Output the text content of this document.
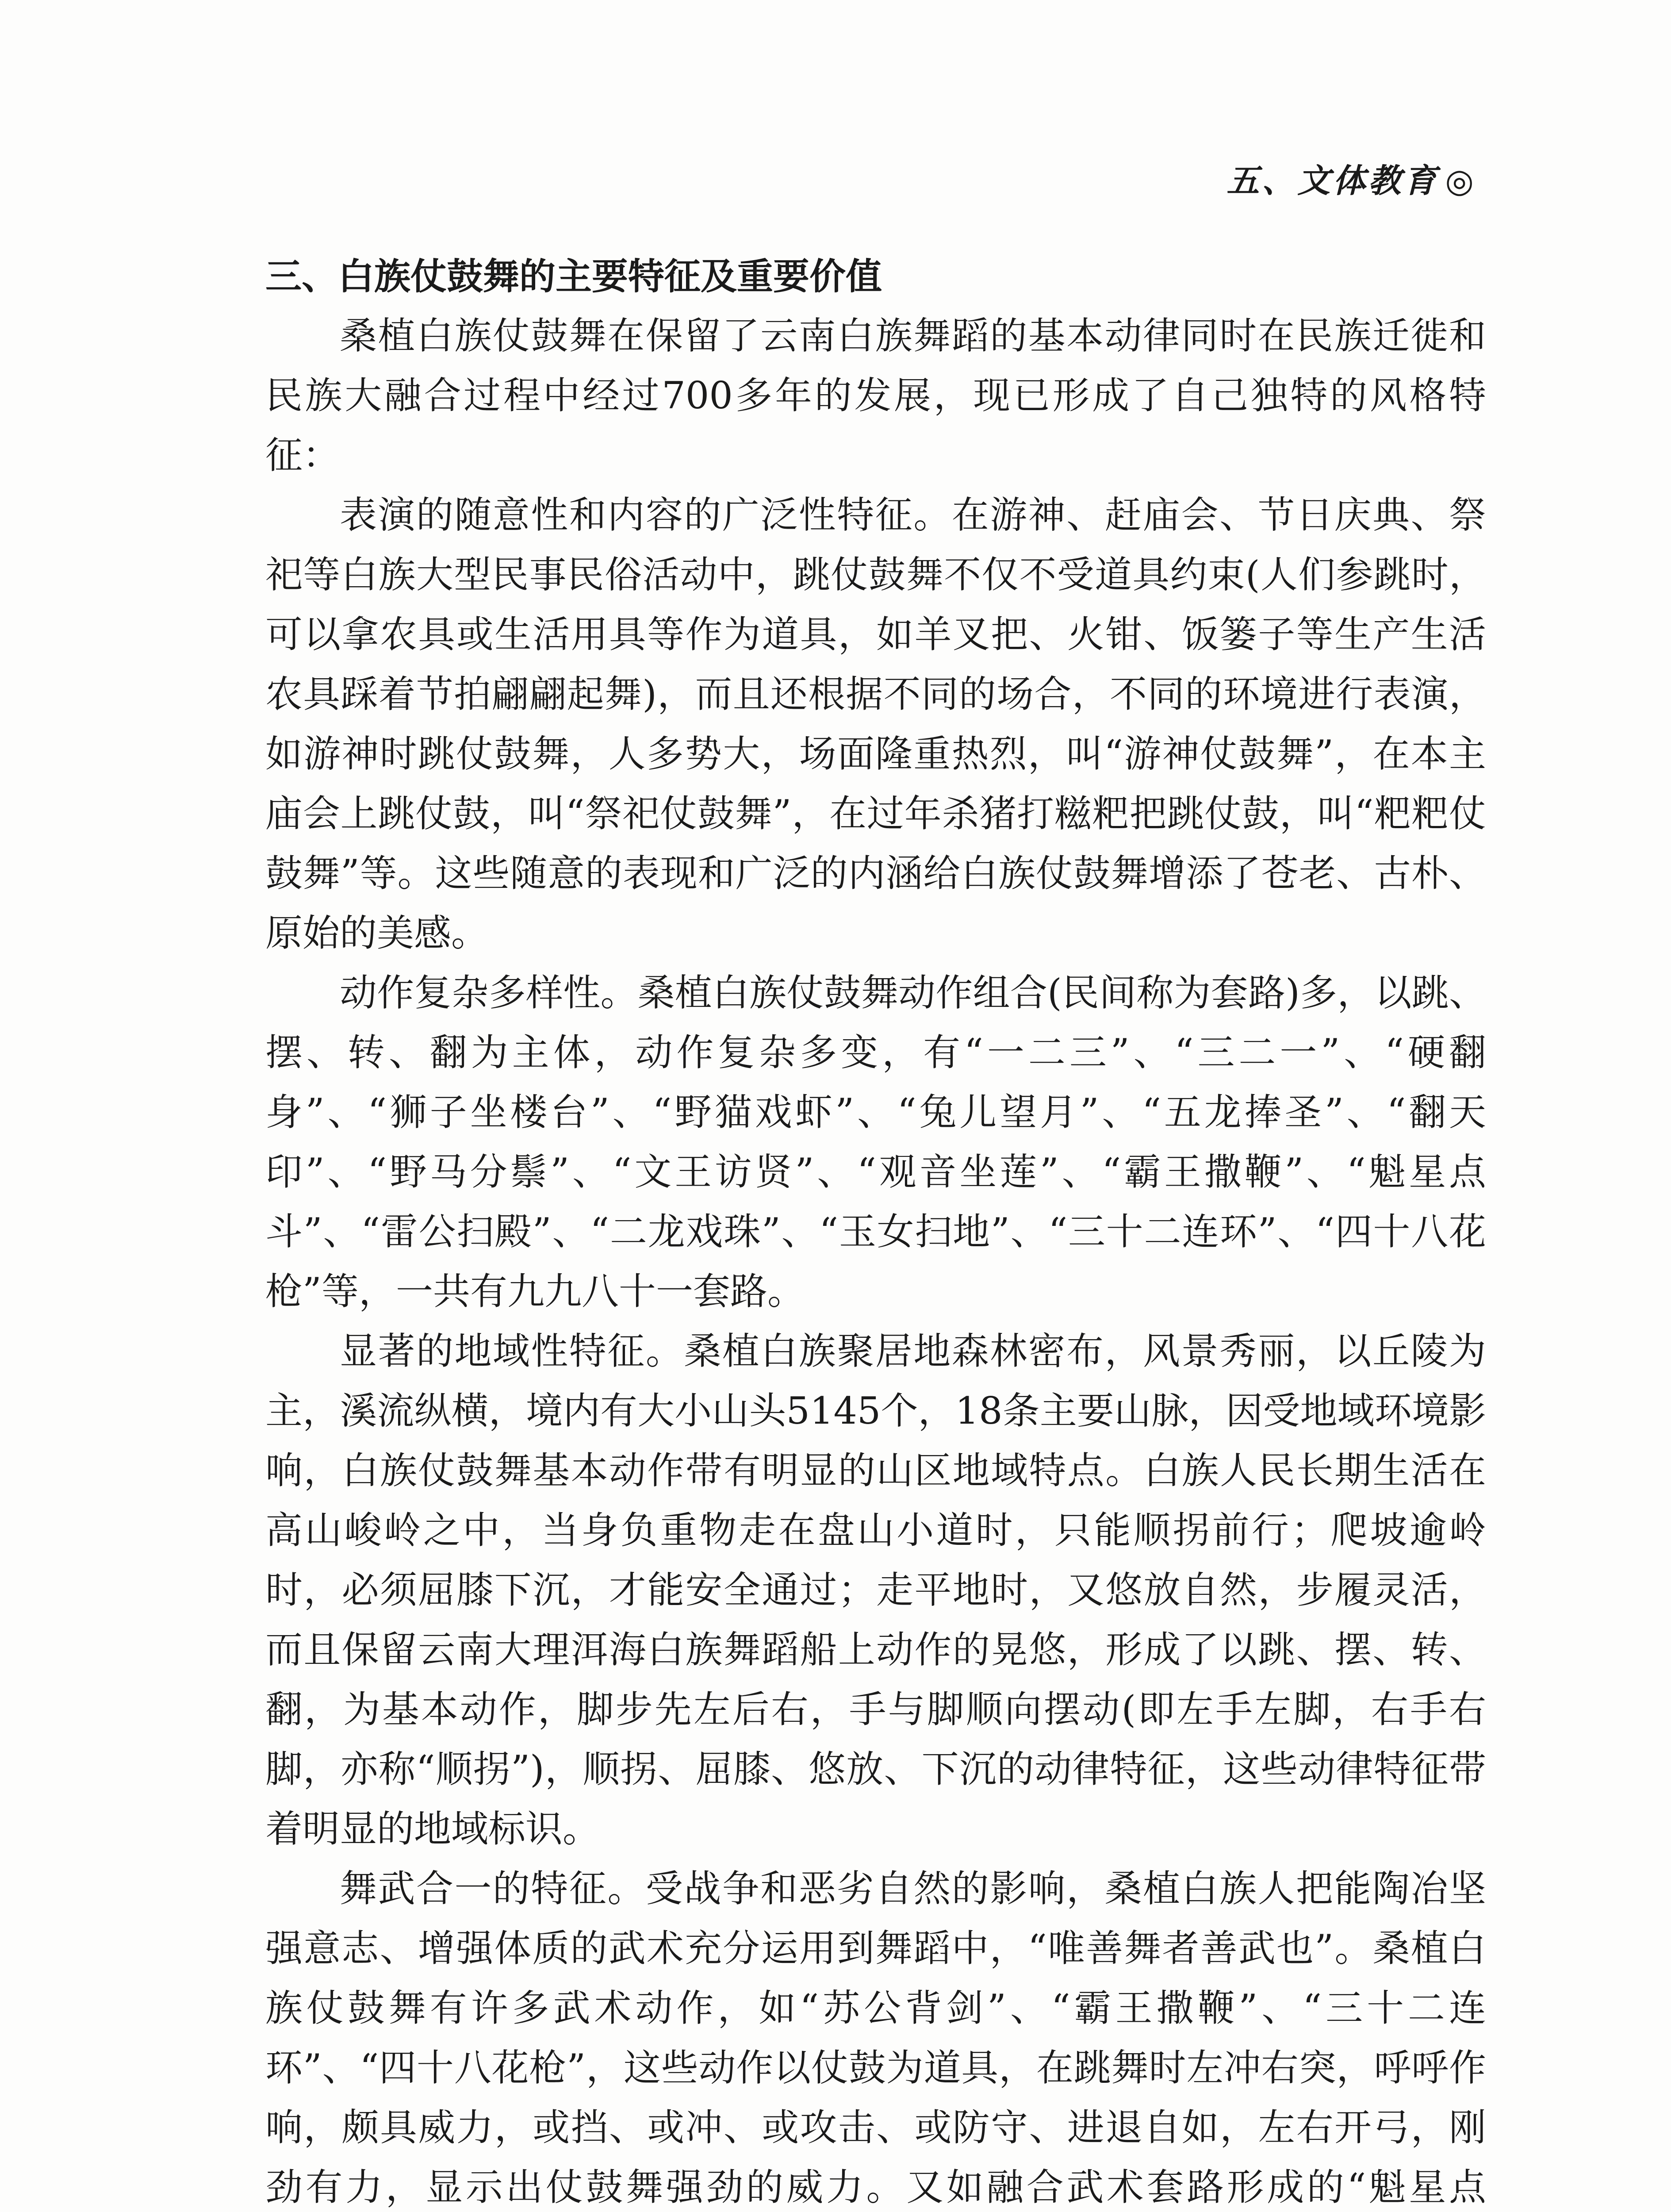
五、文体教育 ◎
三、白族仗鼓舞的主要特征及重要价值

桑植白族仗鼓舞在保留了云南白族舞蹈的基本动律同时在民族迁徙和民族大融合过程中经过700多年的发展，现已形成了自己独特的风格特征：

表演的随意性和内容的广泛性特征。在游神、赶庙会、节日庆典、祭祀等白族大型民事民俗活动中，跳仗鼓舞不仅不受道具约束(人们参跳时，可以拿农具或生活用具等作为道具，如羊叉把、火钳、饭篓子等生产生活农具踩着节拍翩翩起舞)，而且还根据不同的场合，不同的环境进行表演，如游神时跳仗鼓舞，人多势大，场面隆重热烈，叫“游神仗鼓舞”，在本主庙会上跳仗鼓，叫“祭祀仗鼓舞”，在过年杀猪打糍粑把跳仗鼓，叫“粑粑仗鼓舞”等。这些随意的表现和广泛的内涵给白族仗鼓舞增添了苍老、古朴、原始的美感。

动作复杂多样性。桑植白族仗鼓舞动作组合(民间称为套路)多，以跳、摆、转、翻为主体，动作复杂多变，有“一二三”、“三二一”、“硬翻身”、“狮子坐楼台”、“野猫戏虾”、“兔儿望月”、“五龙捧圣”、“翻天印”、“野马分鬃”、“文王访贤”、“观音坐莲”、“霸王撒鞭”、“魁星点斗”、“雷公扫殿”、“二龙戏珠”、“玉女扫地”、“三十二连环”、“四十八花枪”等，一共有九九八十一套路。

显著的地域性特征。桑植白族聚居地森林密布，风景秀丽，以丘陵为主，溪流纵横，境内有大小山头5145个，18条主要山脉，因受地域环境影响，白族仗鼓舞基本动作带有明显的山区地域特点。白族人民长期生活在高山峻岭之中，当身负重物走在盘山小道时，只能顺拐前行；爬坡逾岭时，必须屈膝下沉，才能安全通过；走平地时，又悠放自然，步履灵活，而且保留云南大理洱海白族舞蹈船上动作的晃悠，形成了以跳、摆、转、翻，为基本动作，脚步先左后右，手与脚顺向摆动(即左手左脚，右手右脚，亦称“顺拐”)，顺拐、屈膝、悠放、下沉的动律特征，这些动律特征带着明显的地域标识。

舞武合一的特征。受战争和恶劣自然的影响，桑植白族人把能陶冶坚强意志、增强体质的武术充分运用到舞蹈中，“唯善舞者善武也”。桑植白族仗鼓舞有许多武术动作，如“苏公背剑”、“霸王撒鞭”、“三十二连环”、“四十八花枪”，这些动作以仗鼓为道具，在跳舞时左冲右突，呼呼作响，颇具威力，或挡、或冲、或攻击、或防守、进退自如，左右开弓，刚劲有力，显示出仗鼓舞强劲的威力。又如融合武术套路形成的“魁星点
